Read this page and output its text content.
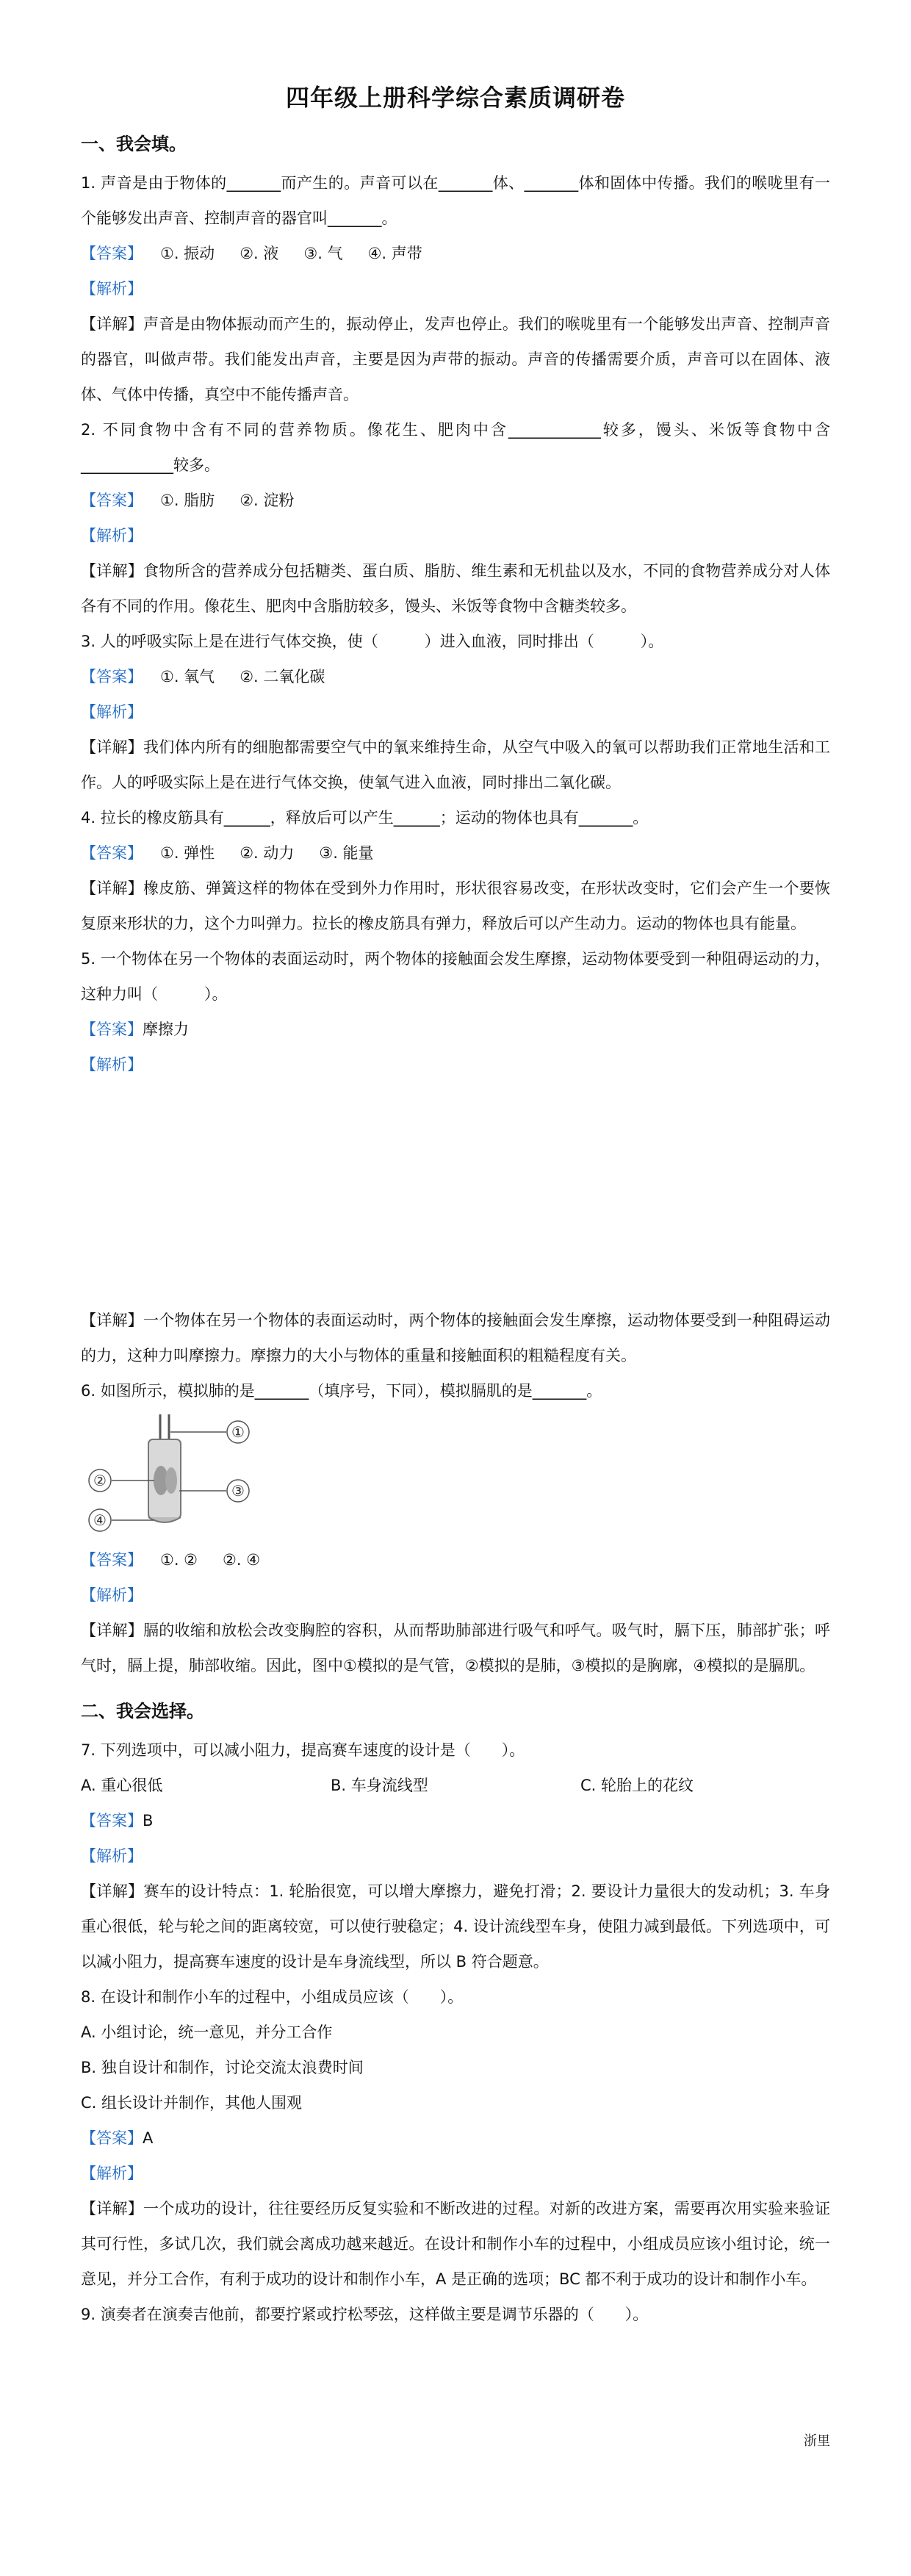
四年级上册科学综合素质调研卷
一、我会填。

1. 声音是由于物体的_______而产生的。声音可以在_______体、_______体和固体中传播。我们的喉咙里有一个能够发出声音、控制声音的器官叫_______。

【答案】 ①. 振动 ②. 液 ③. 气 ④. 声带

【解析】

【详解】声音是由物体振动而产生的，振动停止，发声也停止。我们的喉咙里有一个能够发出声音、控制声音的器官，叫做声带。我们能发出声音，主要是因为声带的振动。声音的传播需要介质，声音可以在固体、液体、气体中传播，真空中不能传播声音。

2. 不同食物中含有不同的营养物质。像花生、肥肉中含____________较多，馒头、米饭等食物中含____________较多。

【答案】 ①. 脂肪 ②. 淀粉

【解析】

【详解】食物所含的营养成分包括糖类、蛋白质、脂肪、维生素和无机盐以及水，不同的食物营养成分对人体各有不同的作用。像花生、肥肉中含脂肪较多，馒头、米饭等食物中含糖类较多。

3. 人的呼吸实际上是在进行气体交换，使（　　　）进入血液，同时排出（　　　）。

【答案】 ①. 氧气 ②. 二氧化碳

【解析】

【详解】我们体内所有的细胞都需要空气中的氧来维持生命，从空气中吸入的氧可以帮助我们正常地生活和工作。人的呼吸实际上是在进行气体交换，使氧气进入血液，同时排出二氧化碳。

4. 拉长的橡皮筋具有______，释放后可以产生______；运动的物体也具有_______。

【答案】 ①. 弹性 ②. 动力 ③. 能量

【详解】橡皮筋、弹簧这样的物体在受到外力作用时，形状很容易改变，在形状改变时，它们会产生一个要恢复原来形状的力，这个力叫弹力。拉长的橡皮筋具有弹力，释放后可以产生动力。运动的物体也具有能量。

5. 一个物体在另一个物体的表面运动时，两个物体的接触面会发生摩擦，运动物体要受到一种阻碍运动的力，这种力叫（　　　）。

【答案】摩擦力

【解析】

【详解】一个物体在另一个物体的表面运动时，两个物体的接触面会发生摩擦，运动物体要受到一种阻碍运动的力，这种力叫摩擦力。摩擦力的大小与物体的重量和接触面积的粗糙程度有关。

6. 如图所示，模拟肺的是_______（填序号，下同），模拟膈肌的是_______。

①
②
③
④

【答案】 ①. ② ②. ④

【解析】

【详解】膈的收缩和放松会改变胸腔的容积，从而帮助肺部进行吸气和呼气。吸气时，膈下压，肺部扩张；呼气时，膈上提，肺部收缩。因此，图中①模拟的是气管，②模拟的是肺，③模拟的是胸廓，④模拟的是膈肌。

二、我会选择。

7. 下列选项中，可以减小阻力，提高赛车速度的设计是（　　）。

A. 重心很低	B. 车身流线型	C. 轮胎上的花纹

【答案】B

【解析】

【详解】赛车的设计特点：1. 轮胎很宽，可以增大摩擦力，避免打滑；2. 要设计力量很大的发动机；3. 车身重心很低，轮与轮之间的距离较宽，可以使行驶稳定；4. 设计流线型车身，使阻力减到最低。下列选项中，可以减小阻力，提高赛车速度的设计是车身流线型，所以 B 符合题意。

8. 在设计和制作小车的过程中，小组成员应该（　　）。

A. 小组讨论，统一意见，并分工合作

B. 独自设计和制作，讨论交流太浪费时间

C. 组长设计并制作，其他人围观

【答案】A

【解析】

【详解】一个成功的设计，往往要经历反复实验和不断改进的过程。对新的改进方案，需要再次用实验来验证其可行性，多试几次，我们就会离成功越来越近。在设计和制作小车的过程中，小组成员应该小组讨论，统一意见，并分工合作，有利于成功的设计和制作小车，A 是正确的选项；BC 都不利于成功的设计和制作小车。

9. 演奏者在演奏吉他前，都要拧紧或拧松琴弦，这样做主要是调节乐器的（　　）。

浙里
